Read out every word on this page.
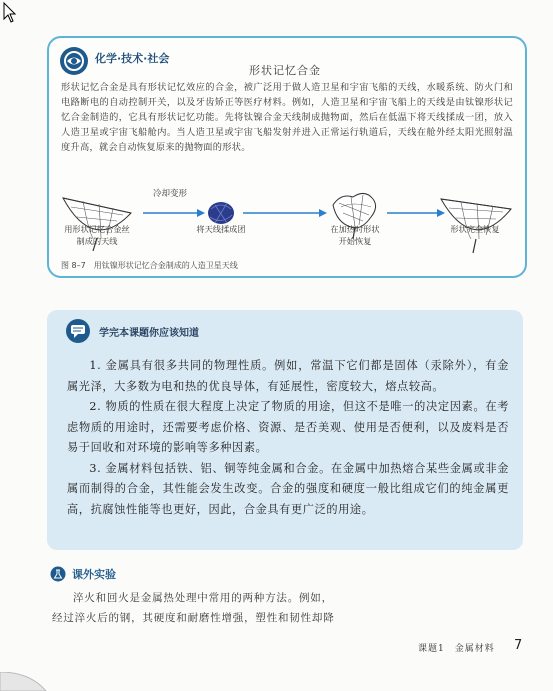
化学·技术·社会
形状记忆合金
形状记忆合金是具有形状记忆效应的合金，被广泛用于做人造卫星和宇宙飞船的天线，水暖系统、防火门和电路断电的自动控制开关，以及牙齿矫正等医疗材料。例如，人造卫星和宇宙飞船上的天线是由钛镍形状记忆合金制造的，它具有形状记忆功能。先将钛镍合金天线制成抛物面，然后在低温下将天线揉成一团，放入人造卫星或宇宙飞船舱内。当人造卫星或宇宙飞船发射并进入正常运行轨道后，天线在舱外经太阳光照射温度升高，就会自动恢复原来的抛物面的形状。
冷却变形
用形状记忆合金丝
制成的天线
将天线揉成团	在加热时形状
开始恢复
形状完全恢复
图 8–7　用钛镍形状记忆合金制成的人造卫星天线
学完本课题你应该知道

1. 金属具有很多共同的物理性质。例如，常温下它们都是固体（汞除外），有金属光泽，大多数为电和热的优良导体，有延展性，密度较大，熔点较高。

2. 物质的性质在很大程度上决定了物质的用途，但这不是唯一的决定因素。在考虑物质的用途时，还需要考虑价格、资源、是否美观、使用是否便利，以及废料是否易于回收和对环境的影响等多种因素。

3. 金属材料包括铁、铝、铜等纯金属和合金。在金属中加热熔合某些金属或非金属而制得的合金，其性能会发生改变。合金的强度和硬度一般比组成它们的纯金属更高，抗腐蚀性能等也更好，因此，合金具有更广泛的用途。

课外实验
淬火和回火是金属热处理中常用的两种方法。例如，
经过淬火后的钢，其硬度和耐磨性增强，塑性和韧性却降
课题1　金属材料 7
